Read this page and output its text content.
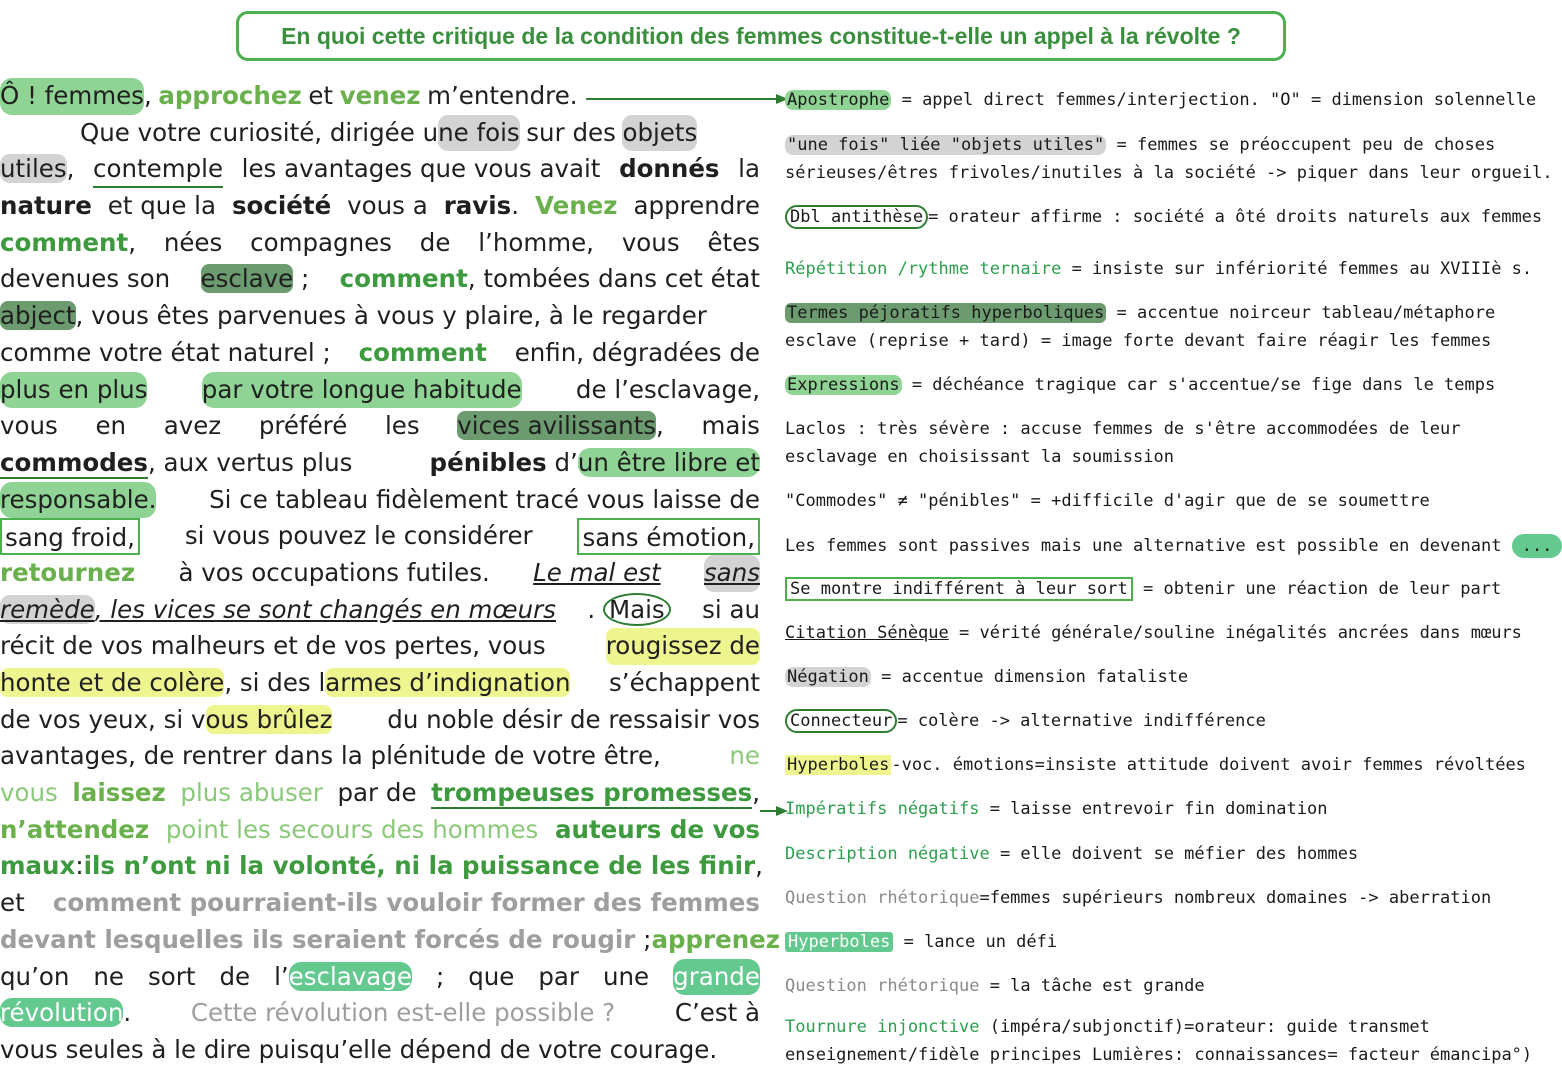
En quoi cette critique de la condition des femmes constitue-t-elle un appel à la révolte ?
Ô ! femmes , approchez et venez m’entendre.
Que votre curiosité, dirigée u ne fois sur des objets
utiles, contemple les avantages que vous avait donnés la
nature et que la société vous a ravis. Venez apprendre
comment, nées compagnes de l’homme, vous êtes
devenues son esclave ; comment, tombées dans cet état
abject, vous êtes parvenues à vous y plaire, à le regarder
comme votre état naturel ; comment enfin, dégradées de
plus en plus par votre longue habitude de l’esclavage,
vous en avez préféré les vices avilissants, mais
commodes, aux vertus plus	pénibles d’un être libre et
responsable. Si ce tableau fidèlement tracé vous laisse de
sang froid, si vous pouvez le considérer sans émotion,
retournez à vos occupations futiles. Le mal est sans
remède, les vices se sont changés en mœurs . Mais si au
récit de vos malheurs et de vos pertes, vous rougissez de
honte et de colère, si des larmes d’indignation s’échappent
de vos yeux, si vous brûlez du noble désir de ressaisir vos
avantages, de rentrer dans la plénitude de votre être,	ne
vous laissez plus abuser par de trompeuses promesses,
n’attendez point les secours des hommes auteurs de vos
maux : ils n’ont ni la volonté, ni la puissance de les finir,
et comment pourraient-ils vouloir former des femmes
devant lesquelles ils seraient forcés de rougir ; apprenez
qu’on ne sort de l’esclavage ; que par une grande
révolution. Cette révolution est-elle possible ? C’est à
vous seules à le dire puisqu’elle dépend de votre courage.
Apostrophe = appel direct femmes/interjection. "O" = dimension solennelle
"une fois" liée "objets utiles" = femmes se préoccupent peu de choses
sérieuses/êtres frivoles/inutiles à la société -> piquer dans leur orgueil.
Dbl antithèse = orateur affirme : société a ôté droits naturels aux femmes
Répétition /rythme ternaire = insiste sur infériorité femmes au XVIIIè s.
Termes péjoratifs hyperboliques = accentue noirceur tableau/métaphore
esclave (reprise + tard) = image forte devant faire réagir les femmes
Expressions = déchéance tragique car s'accentue/se fige dans le temps
Laclos : très sévère : accuse femmes de s'être accommodées de leur
esclavage en choisissant la soumission
"Commodes" ≠ "pénibles" = +difficile d'agir que de se soumettre
Les femmes sont passives mais une alternative est possible en devenant ...
Se montre indifférent à leur sort = obtenir une réaction de leur part
Citation Sénèque = vérité générale/souline inégalités ancrées dans mœurs
Négation = accentue dimension fataliste
Connecteur = colère -> alternative indifférence
Hyperboles -voc. émotions=insiste attitude doivent avoir femmes révoltées
Impératifs négatifs = laisse entrevoir fin domination
Description négative = elle doivent se méfier des hommes
Question rhétorique=femmes supérieurs nombreux domaines -> aberration
Hyperboles = lance un défi
Question rhétorique = la tâche est grande
Tournure injonctive (impéra/subjonctif)=orateur: guide transmet
enseignement/fidèle principes Lumières: connaissances= facteur émancipa°)
